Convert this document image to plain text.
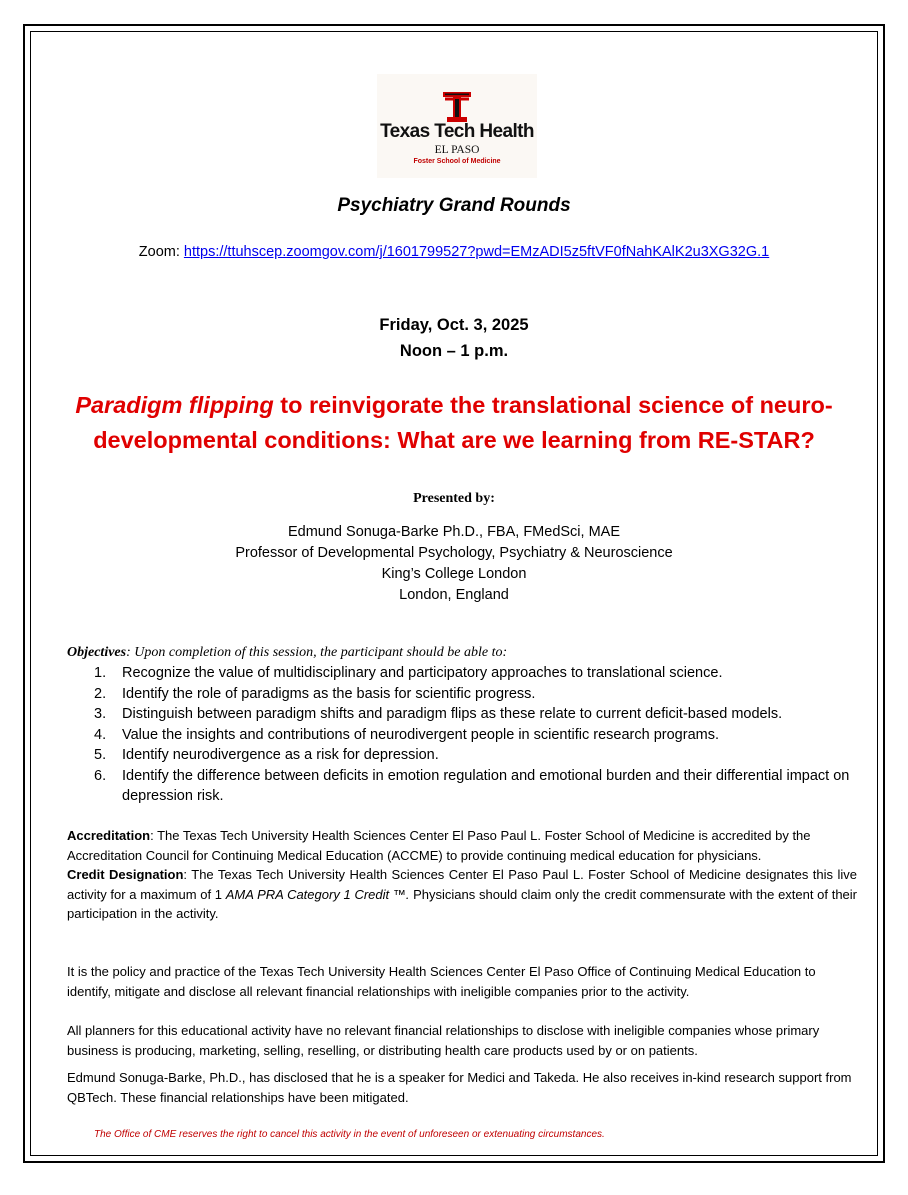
Texas Tech Health
EL PASO
Foster School of Medicine
Psychiatry Grand Rounds
Zoom: https://ttuhscep.zoomgov.com/j/1601799527?pwd=EMzADI5z5ftVF0fNahKAlK2u3XG32G.1
Friday, Oct. 3, 2025
Noon – 1 p.m.
Paradigm flipping to reinvigorate the translational science of neuro-
developmental conditions: What are we learning from RE-STAR?
Presented by:
Edmund Sonuga-Barke Ph.D., FBA, FMedSci, MAE
Professor of Developmental Psychology, Psychiatry & Neuroscience
King’s College London
London, England
Objectives: Upon completion of this session, the participant should be able to:
1.	Recognize the value of multidisciplinary and participatory approaches to translational science.
2.	Identify the role of paradigms as the basis for scientific progress.
3.	Distinguish between paradigm shifts and paradigm flips as these relate to current deficit-based models.
4.	Value the insights and contributions of neurodivergent people in scientific research programs.
5.	Identify neurodivergence as a risk for depression.
6.	Identify the difference between deficits in emotion regulation and emotional burden and their differential impact on depression risk.
Accreditation: The Texas Tech University Health Sciences Center El Paso Paul L. Foster School of Medicine is accredited by the Accreditation Council for Continuing Medical Education (ACCME) to provide continuing medical education for physicians.
Credit Designation: The Texas Tech University Health Sciences Center El Paso Paul L. Foster School of Medicine designates this live activity for a maximum of 1 AMA PRA Category 1 Credit ™. Physicians should claim only the credit commensurate with the extent of their participation in the activity.
It is the policy and practice of the Texas Tech University Health Sciences Center El Paso Office of Continuing Medical Education to identify, mitigate and disclose all relevant financial relationships with ineligible companies prior to the activity.
All planners for this educational activity have no relevant financial relationships to disclose with ineligible companies whose primary business is producing, marketing, selling, reselling, or distributing health care products used by or on patients.
Edmund Sonuga-Barke, Ph.D., has disclosed that he is a speaker for Medici and Takeda. He also receives in-kind research support from QBTech. These financial relationships have been mitigated.
The Office of CME reserves the right to cancel this activity in the event of unforeseen or extenuating circumstances.
